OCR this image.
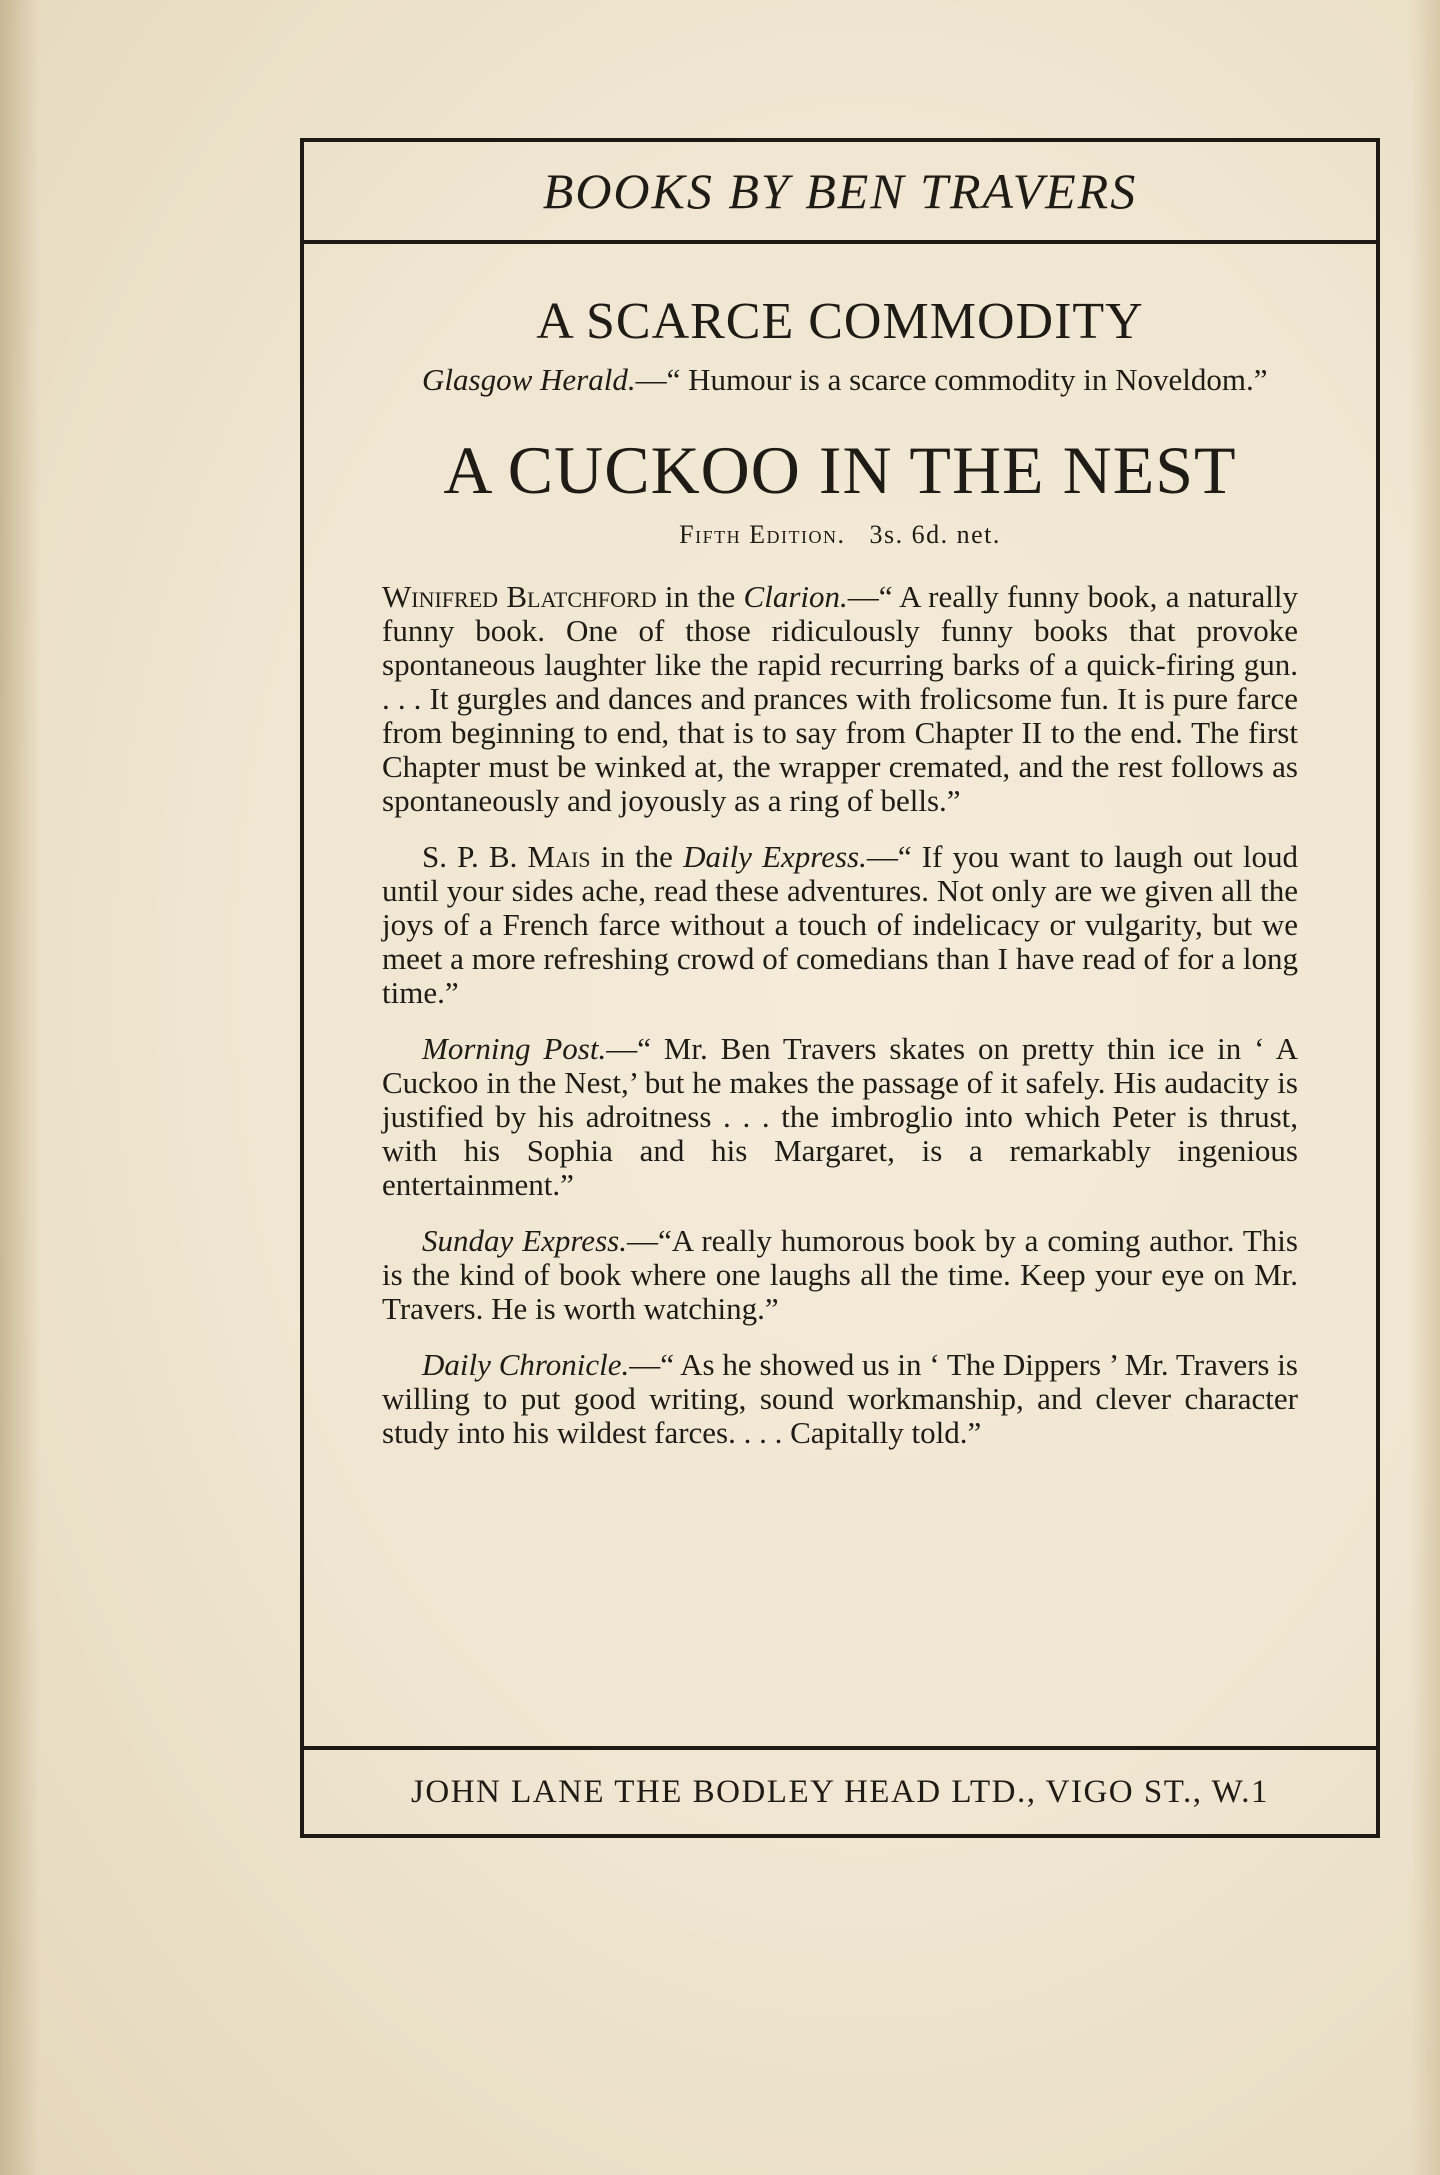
BOOKS BY BEN TRAVERS
A SCARCE COMMODITY

Glasgow Herald.—“ Humour is a scarce commodity in Noveldom.”

A CUCKOO IN THE NEST
Fifth Edition. 3s. 6d. net.

Winifred Blatchford in the Clarion.—“ A really funny book, a naturally funny book. One of those ridiculously funny books that provoke spontaneous laughter like the rapid recurring barks of a quick-firing gun. . . . It gurgles and dances and prances with frolicsome fun. It is pure farce from beginning to end, that is to say from Chapter II to the end. The first Chapter must be winked at, the wrapper cremated, and the rest follows as spontaneously and joyously as a ring of bells.”

S. P. B. Mais in the Daily Express.—“ If you want to laugh out loud until your sides ache, read these adventures. Not only are we given all the joys of a French farce without a touch of indelicacy or vulgarity, but we meet a more refreshing crowd of comedians than I have read of for a long time.”

Morning Post.—“ Mr. Ben Travers skates on pretty thin ice in ‘ A Cuckoo in the Nest,’ but he makes the passage of it safely. His audacity is justified by his adroitness . . . the imbroglio into which Peter is thrust, with his Sophia and his Margaret, is a remarkably ingenious entertainment.”

Sunday Express.—“A really humorous book by a coming author. This is the kind of book where one laughs all the time. Keep your eye on Mr. Travers. He is worth watching.”

Daily Chronicle.—“ As he showed us in ‘ The Dippers ’ Mr. Travers is willing to put good writing, sound workmanship, and clever character study into his wildest farces. . . . Capitally told.”

JOHN LANE THE BODLEY HEAD LTD., VIGO ST., W.1
